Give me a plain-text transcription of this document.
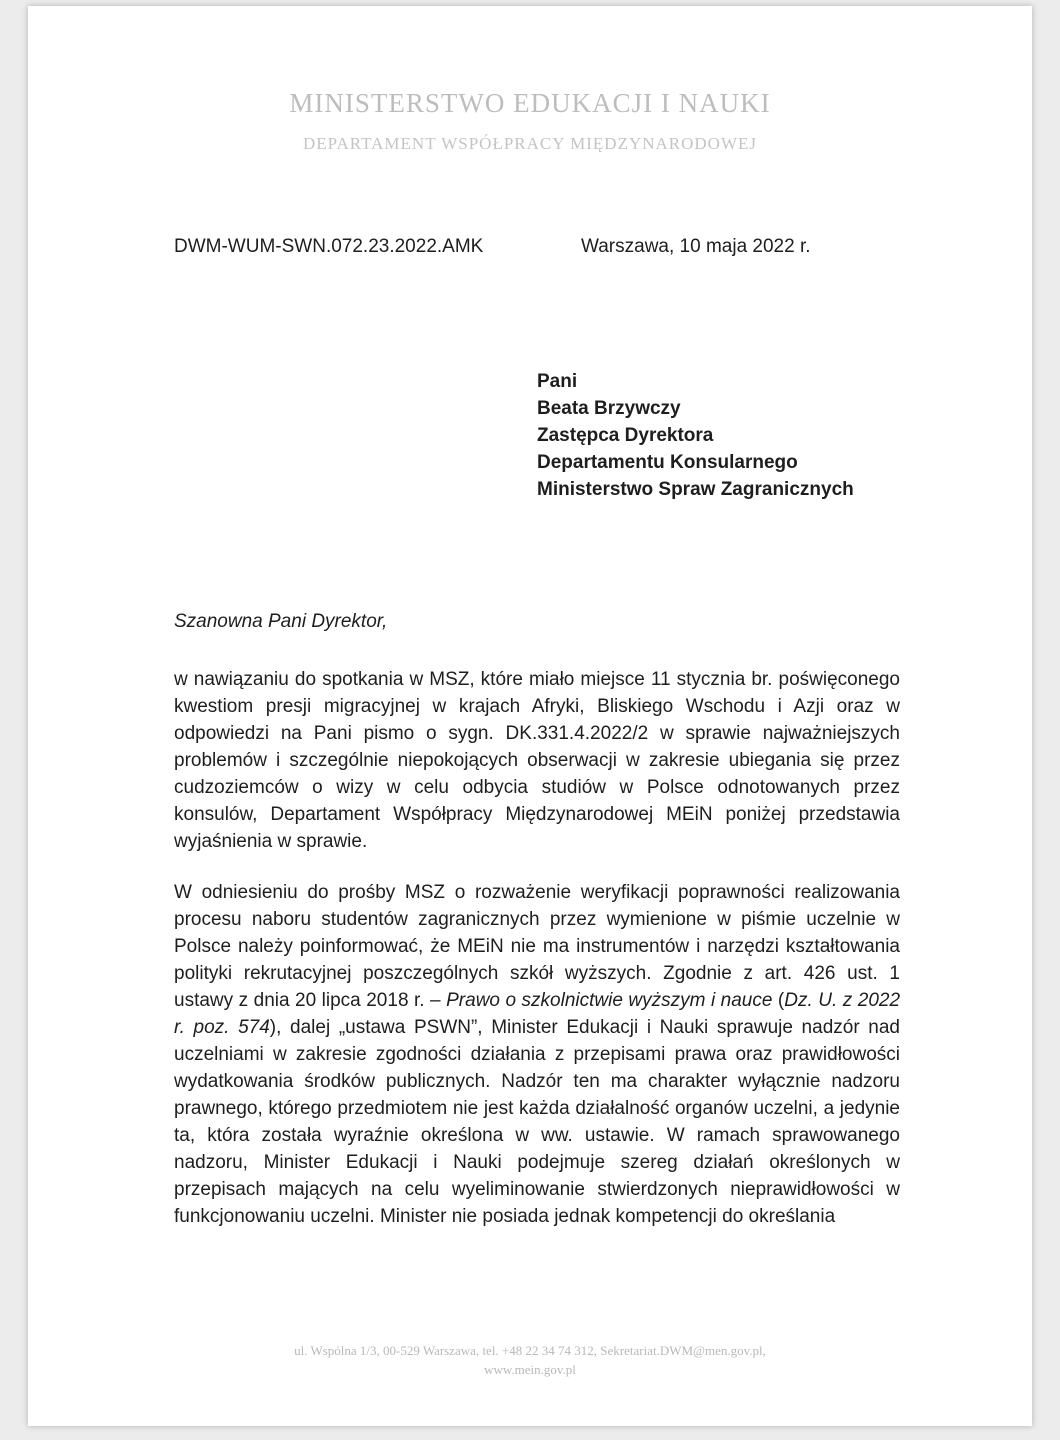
MINISTERSTWO EDUKACJI I NAUKI
DEPARTAMENT WSPÓŁPRACY MIĘDZYNARODOWEJ
DWM-WUM-SWN.072.23.2022.AMK	Warszawa, 10 maja 2022 r.
Pani
Beata Brzywczy
Zastępca Dyrektora
Departamentu Konsularnego
Ministerstwo Spraw Zagranicznych
Szanowna Pani Dyrektor,
w nawiązaniu do spotkania w MSZ, które miało miejsce 11 stycznia br. poświęconego kwestiom presji migracyjnej w krajach Afryki, Bliskiego Wschodu i Azji oraz w odpowiedzi na Pani pismo o sygn. DK.331.4.2022/2 w sprawie najważniejszych problemów i szczególnie niepokojących obserwacji w zakresie ubiegania się przez cudzoziemców o wizy w celu odbycia studiów w Polsce odnotowanych przez konsulów, Departament Współpracy Międzynarodowej MEiN poniżej przedstawia wyjaśnienia w sprawie.
W odniesieniu do prośby MSZ o rozważenie weryfikacji poprawności realizowania procesu naboru studentów zagranicznych przez wymienione w piśmie uczelnie w Polsce należy poinformować, że MEiN nie ma instrumentów i narzędzi kształtowania polityki rekrutacyjnej poszczególnych szkół wyższych. Zgodnie z art. 426 ust. 1 ustawy z dnia 20 lipca 2018 r. – Prawo o szkolnictwie wyższym i nauce (Dz. U. z 2022 r. poz. 574), dalej „ustawa PSWN”, Minister Edukacji i Nauki sprawuje nadzór nad uczelniami w zakresie zgodności działania z przepisami prawa oraz prawidłowości wydatkowania środków publicznych. Nadzór ten ma charakter wyłącznie nadzoru prawnego, którego przedmiotem nie jest każda działalność organów uczelni, a jedynie ta, która została wyraźnie określona w ww. ustawie. W ramach sprawowanego nadzoru, Minister Edukacji i Nauki podejmuje szereg działań określonych w przepisach mających na celu wyeliminowanie stwierdzonych nieprawidłowości w funkcjonowaniu uczelni. Minister nie posiada jednak kompetencji do określania
ul. Wspólna 1/3, 00-529 Warszawa, tel. +48 22 34 74 312, Sekretariat.DWM@men.gov.pl,
www.mein.gov.pl
